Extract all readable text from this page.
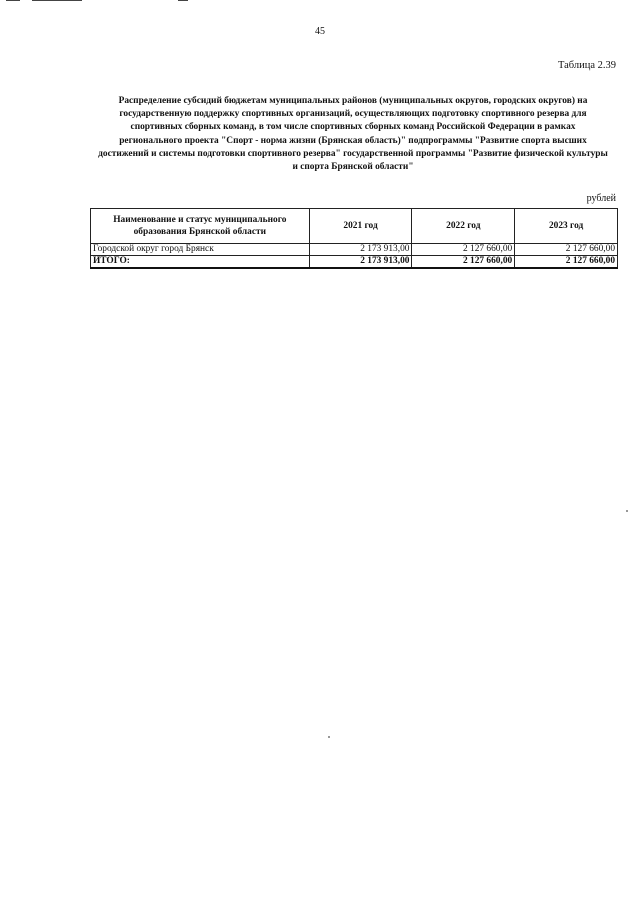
45
Таблица 2.39
Распределение субсидий бюджетам муниципальных районов (муниципальных округов, городских округов) на государственную поддержку спортивных организаций, осуществляющих подготовку спортивного резерва для спортивных сборных команд, в том числе спортивных сборных команд Российской Федерации в рамках регионального проекта "Спорт - норма жизни (Брянская область)" подпрограммы "Развитие спорта высших достижений и системы подготовки спортивного резерва" государственной программы "Развитие физической культуры и спорта Брянской области"
рублей
Наименование и статус муниципального образования Брянской области	2021 год	2022 год	2023 год
Городской округ город Брянск	2 173 913,00	2 127 660,00	2 127 660,00
ИТОГО:	2 173 913,00	2 127 660,00	2 127 660,00
